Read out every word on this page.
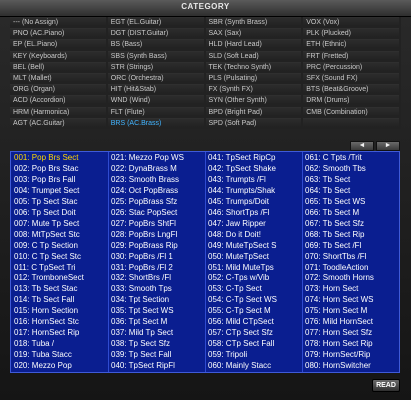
CATEGORY
--- (No Assign)
PNO (AC.Piano)
EP (EL.Piano)
KEY (Keyboards)
BEL (Bell)
MLT (Mallet)
ORG (Organ)
ACD (Accordion)
HRM (Harmonica)
AGT (AC.Guitar)
EGT (EL.Guitar)
DGT (DIST.Guitar)
BS (Bass)
SBS (Synth Bass)
STR (Strings)
ORC (Orchestra)
HIT (Hit&Stab)
WND (Wind)
FLT (Flute)
BRS (AC.Brass)
SBR (Synth Brass)
SAX (Sax)
HLD (Hard Lead)
SLD (Soft Lead)
TEK (Techno Synth)
PLS (Pulsating)
FX (Synth FX)
SYN (Other Synth)
BPD (Bright Pad)
SPD (Soft Pad)
VOX (Vox)
PLK (Plucked)
ETH (Ethnic)
FRT (Fretted)
PRC (Percussion)
SFX (Sound FX)
BTS (Beat&Groove)
DRM (Drums)
CMB (Combination)
◄	►
001: Pop Brs Sect
002: Pop Brs Stac
003: Pop Brs Fall
004: Trumpet Sect
005: Tp Sect Stac
006: Tp Sect Doit
007: Mute Tp Sect
008: MtTpSect Stc
009: C Tp Section
010: C Tp Sect Stc
011: C TpSect Tri
012: TromboneSect
013: Tb Sect Stac
014: Tb Sect Fall
015: Horn Section
016: HornSect Stc
017: HornSect Rip
018: Tuba /
019: Tuba Stacc
020: Mezzo Pop
021: Mezzo Pop WS
022: DynaBrass M
023: Smooth Brass
024: Oct PopBrass
025: PopBrass Sfz
026: Stac PopSect
027: PopBrs ShtFl
028: PopBrs LngFl
029: PopBrass Rip
030: PopBrs /Fl 1
031: PopBrs /Fl 2
032: ShortBrs /Fl
033: Smooth Tps
034: Tpt Section
035: Tpt Sect WS
036: Tpt Sect M
037: Mild Tp Sect
038: Tp Sect Sfz
039: Tp Sect Fall
040: TpSect RipFl
041: TpSect RipCp
042: TpSect Shake
043: Trumpts /Fl
044: Trumpts/Shak
045: Trumps/Doit
046: ShortTps /Fl
047: Jaw Ripper
048: Do it Doit!
049: MuteTpSect S
050: MuteTpSect
051: Mild MuteTps
052: C-Tps w/Vib
053: C-Tp Sect
054: C-Tp Sect WS
055: C-Tp Sect M
056: Mild CTpSect
057: CTp Sect Sfz
058: CTp Sect Fall
059: Tripoli
060: Mainly Stacc
061: C Tpts /Trit
062: Smooth Tbs
063: Tb Sect
064: Tb Sect
065: Tb Sect WS
066: Tb Sect M
067: Tb Sect Sfz
068: Tb Sect Rip
069: Tb Sect /Fl
070: ShortTbs /Fl
071: ToodleAction
072: Smooth Horns
073: Horn Sect
074: Horn Sect WS
075: Horn Sect M
076: Mild HornSect
077: Horn Sect Sfz
078: Horn Sect Rip
079: HornSect/Rip
080: HornSwitcher
READ
